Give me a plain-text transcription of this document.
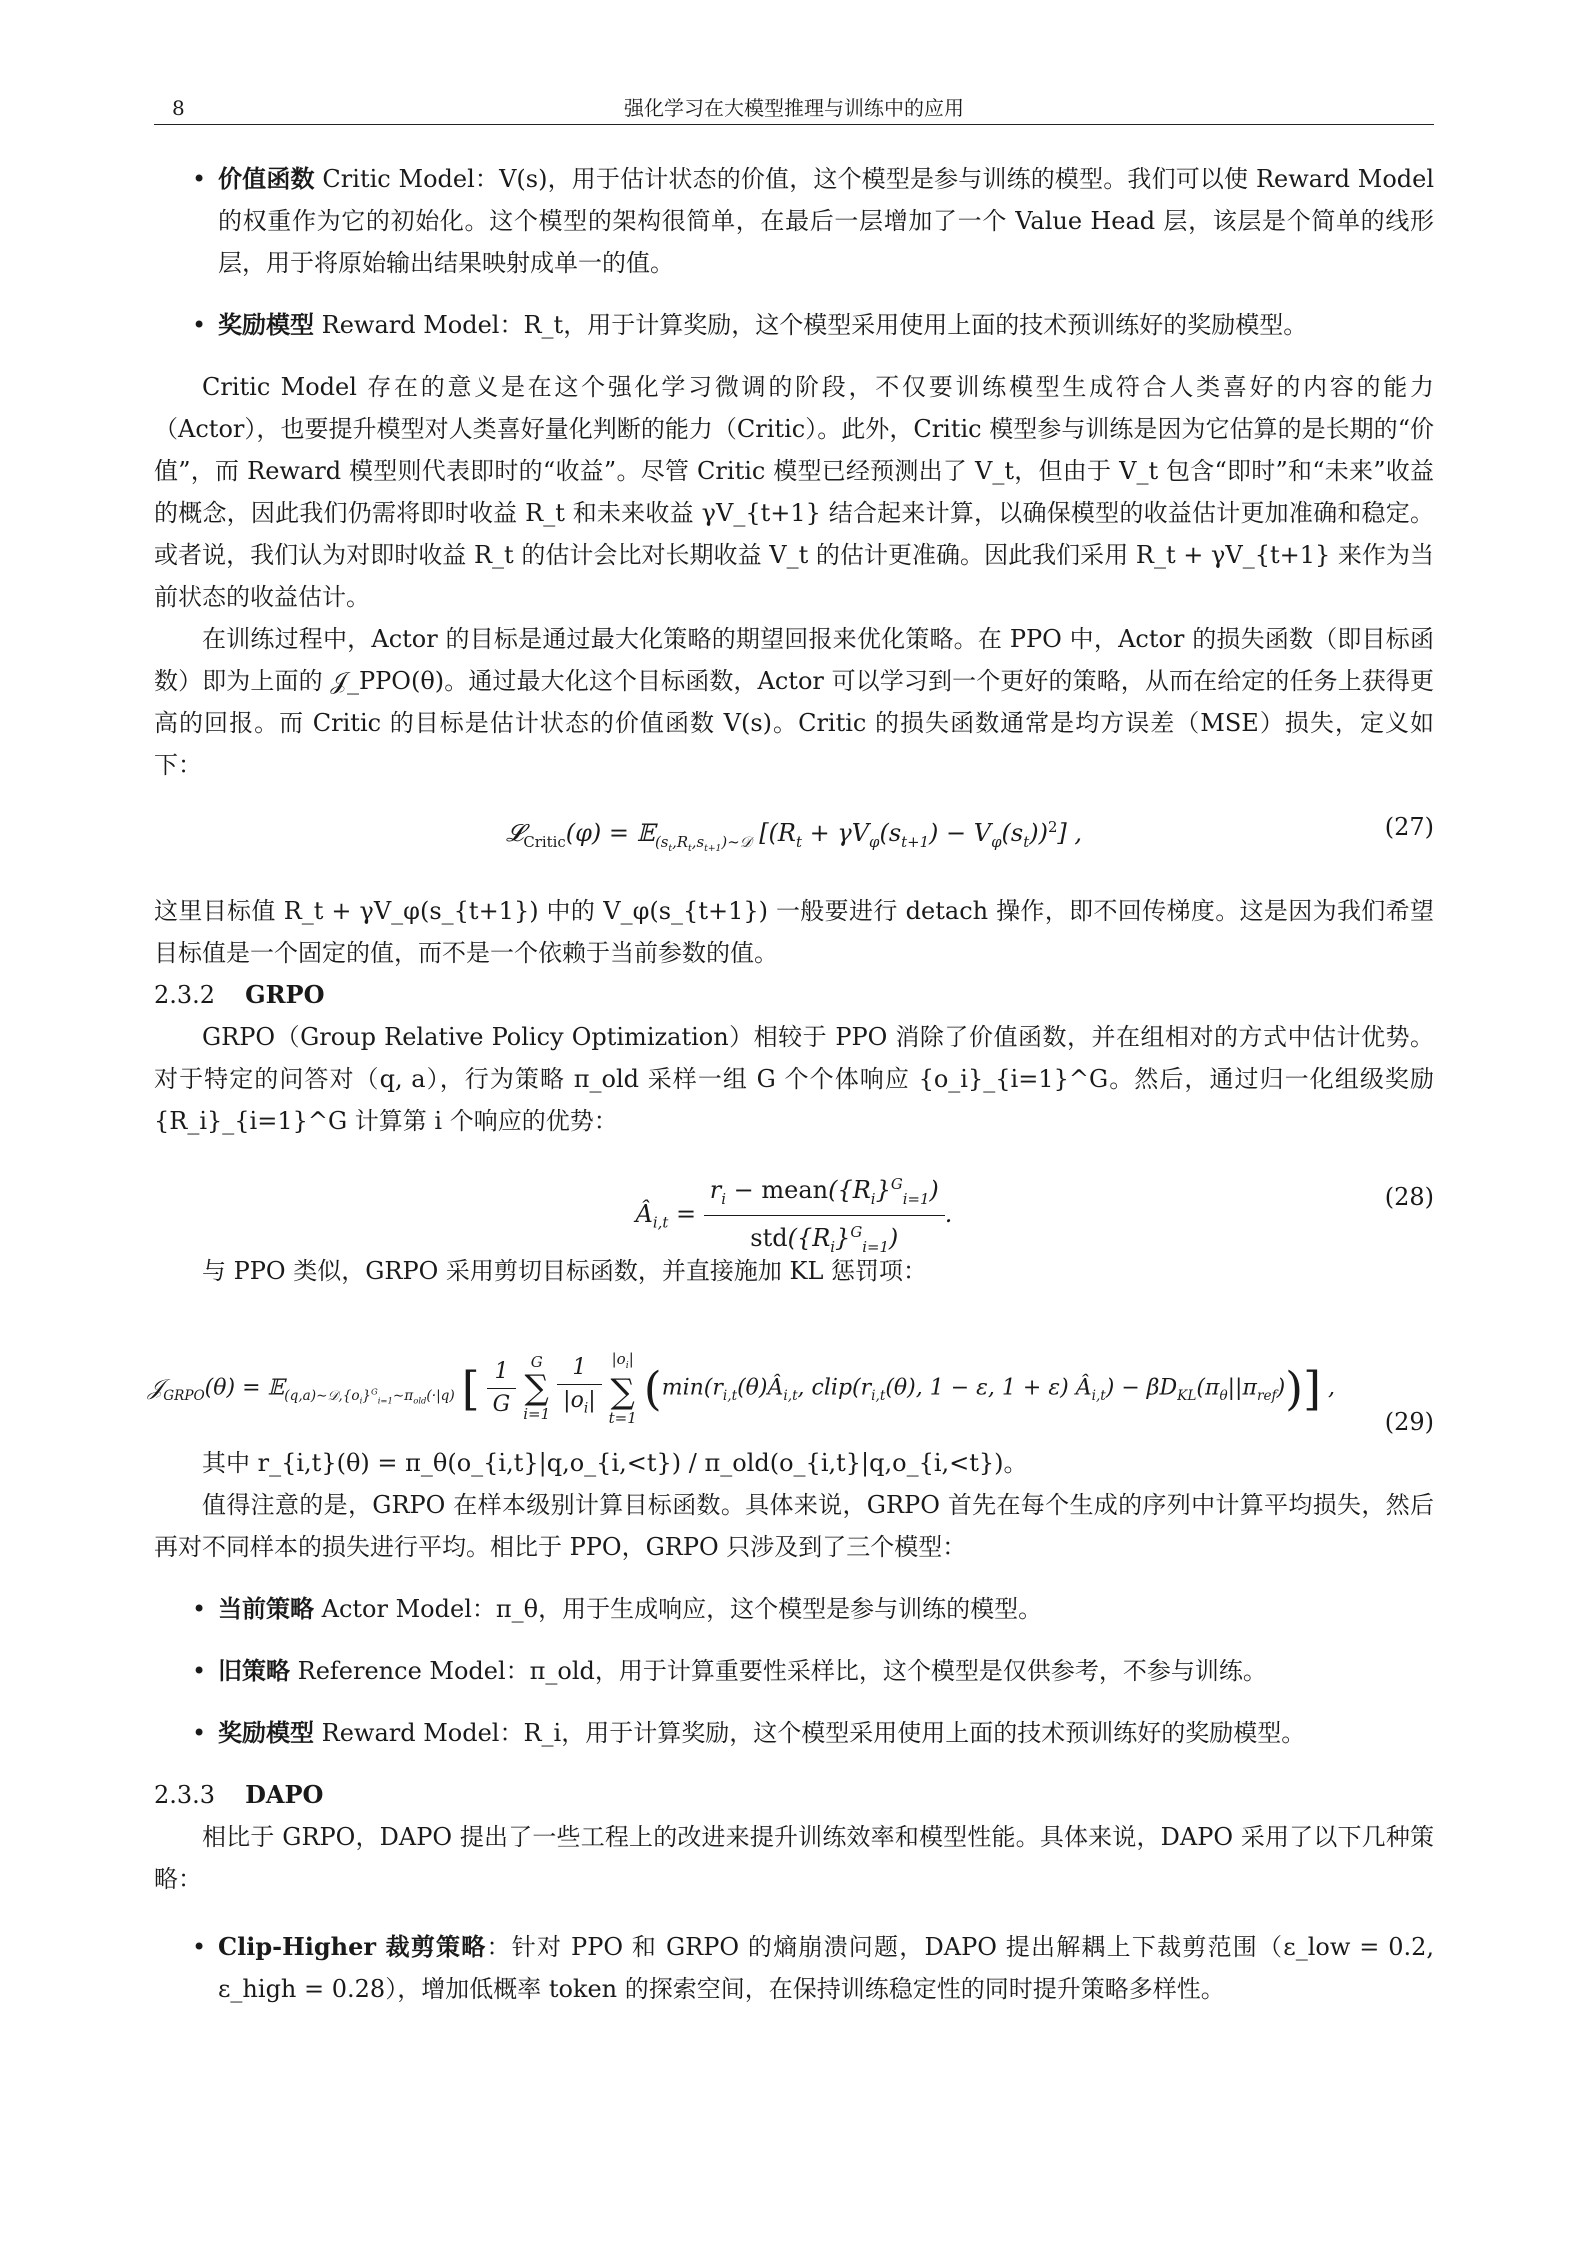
8	强化学习在大模型推理与训练中的应用
• 价值函数 Critic Model：V(s)，用于估计状态的价值，这个模型是参与训练的模型。我们可以使 Reward Model 的权重作为它的初始化。这个模型的架构很简单，在最后一层增加了一个 Value Head 层，该层是个简单的线形层，用于将原始输出结果映射成单一的值。
• 奖励模型 Reward Model：R_t，用于计算奖励，这个模型采用使用上面的技术预训练好的奖励模型。

Critic Model 存在的意义是在这个强化学习微调的阶段，不仅要训练模型生成符合人类喜好的内容的能力（Actor），也要提升模型对人类喜好量化判断的能力（Critic）。此外，Critic 模型参与训练是因为它估算的是长期的“价值”，而 Reward 模型则代表即时的“收益”。尽管 Critic 模型已经预测出了 V_t，但由于 V_t 包含“即时”和“未来”收益的概念，因此我们仍需将即时收益 R_t 和未来收益 γV_{t+1} 结合起来计算，以确保模型的收益估计更加准确和稳定。或者说，我们认为对即时收益 R_t 的估计会比对长期收益 V_t 的估计更准确。因此我们采用 R_t + γV_{t+1} 来作为当前状态的收益估计。

在训练过程中，Actor 的目标是通过最大化策略的期望回报来优化策略。在 PPO 中，Actor 的损失函数（即目标函数）即为上面的 𝒥_PPO(θ)。通过最大化这个目标函数，Actor 可以学习到一个更好的策略，从而在给定的任务上获得更高的回报。而 Critic 的目标是估计状态的价值函数 V(s)。Critic 的损失函数通常是均方误差（MSE）损失，定义如下：

𝓛$_{Critic}$(φ) = 𝔼$_{(s_t,R_t,s_{t+1})\sim 𝒟}$ $[(R_t + \gamma V_\varphi(s_{t+1}) - V_\varphi(s_t))^2]$ ,	(27)

这里目标值 R_t + γV_φ(s_{t+1}) 中的 V_φ(s_{t+1}) 一般要进行 detach 操作，即不回传梯度。这是因为我们希望目标值是一个固定的值，而不是一个依赖于当前参数的值。

2.3.2 GRPO

GRPO（Group Relative Policy Optimization）相较于 PPO 消除了价值函数，并在组相对的方式中估计优势。对于特定的问答对（q, a），行为策略 π_old 采样一组 G 个个体响应 {o_i}_{i=1}^G。然后，通过归一化组级奖励 {R_i}_{i=1}^G 计算第 i 个响应的优势：

$Â_{i,t} = \frac{r_i - mean(\{R_i\}^G_{i=1})}{std(\{R_i\}^G_{i=1})}$ .
(28)

与 PPO 类似，GRPO 采用剪切目标函数，并直接施加 KL 惩罚项：

𝒥$_{GRPO}$(θ) = 𝔼$_{(q,a)\sim 𝒟,\{o_i\}^G_{i=1}\sim\pi_{old}(\cdot|q)}$ [ $\frac{1}{G}$
G
∑
i=1
$\frac{1}{|o_i|}$
$|o_i|$
∑
t=1
($\min(r_{i,t}(\theta)Â_{i,t}$, $clip(r_{i,t}(\theta)$, 1 − ε, 1 + ε) $Â_{i,t}) - \beta D_{KL}(\pi_\theta||\pi_{ref})$)] ,
(29)

其中 r_{i,t}(θ) = π_θ(o_{i,t}|q,o_{i,<t}) / π_old(o_{i,t}|q,o_{i,<t})。

值得注意的是，GRPO 在样本级别计算目标函数。具体来说，GRPO 首先在每个生成的序列中计算平均损失，然后再对不同样本的损失进行平均。相比于 PPO，GRPO 只涉及到了三个模型：

• 当前策略 Actor Model：π_θ，用于生成响应，这个模型是参与训练的模型。
• 旧策略 Reference Model：π_old，用于计算重要性采样比，这个模型是仅供参考，不参与训练。
• 奖励模型 Reward Model：R_i，用于计算奖励，这个模型采用使用上面的技术预训练好的奖励模型。
2.3.3 DAPO

相比于 GRPO，DAPO 提出了一些工程上的改进来提升训练效率和模型性能。具体来说，DAPO 采用了以下几种策略：

• Clip-Higher 裁剪策略：针对 PPO 和 GRPO 的熵崩溃问题，DAPO 提出解耦上下裁剪范围（ε_low = 0.2, ε_high = 0.28），增加低概率 token 的探索空间，在保持训练稳定性的同时提升策略多样性。
